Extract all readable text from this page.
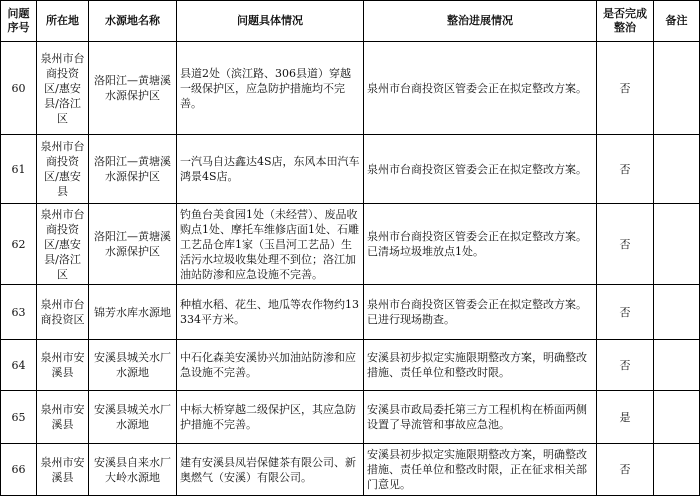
问题序号	所在地	水源地名称	问题具体情况	整治进展情况	是否完成整治	备注
60	泉州市台商投资区/惠安县/洛江区	洛阳江—黄塘溪水源保护区	县道2处（滨江路、306县道）穿越一级保护区，应急防护措施均不完善。	泉州市台商投资区管委会正在拟定整改方案。	否	
61	泉州市台商投资区/惠安县	洛阳江—黄塘溪水源保护区	一汽马自达鑫达4S店，东风本田汽车鸿景4S店。	泉州市台商投资区管委会正在拟定整改方案。	否	
62	泉州市台商投资区/惠安县/洛江区	洛阳江—黄塘溪水源保护区	钓鱼台美食园1处（未经营）、废品收购点1处、摩托车维修店面1处、石雕工艺品仓库1家（玉昌河工艺品）生活污水垃圾收集处理不到位；洛江加油站防渗和应急设施不完善。	泉州市台商投资区管委会正在拟定整改方案。已清场垃圾堆放点1处。	否	
63	泉州市台商投资区	锦芳水库水源地	种植水稻、花生、地瓜等农作物约13334平方米。	泉州市台商投资区管委会正在拟定整改方案。已进行现场勘查。	否	
64	泉州市安溪县	安溪县城关水厂水源地	中石化森美安溪协兴加油站防渗和应急设施不完善。	安溪县初步拟定实施限期整改方案，明确整改措施、责任单位和整改时限。	否	
65	泉州市安溪县	安溪县城关水厂水源地	中标大桥穿越二级保护区，其应急防护措施不完善。	安溪县市政局委托第三方工程机构在桥面两侧设置了导流管和事故应急池。	是	
66	泉州市安溪县	安溪县自来水厂大岭水源地	建有安溪县凤岩保健茶有限公司、新奥燃气（安溪）有限公司。	安溪县初步拟定实施限期整改方案，明确整改措施、责任单位和整改时限，正在征求相关部门意见。	否	
